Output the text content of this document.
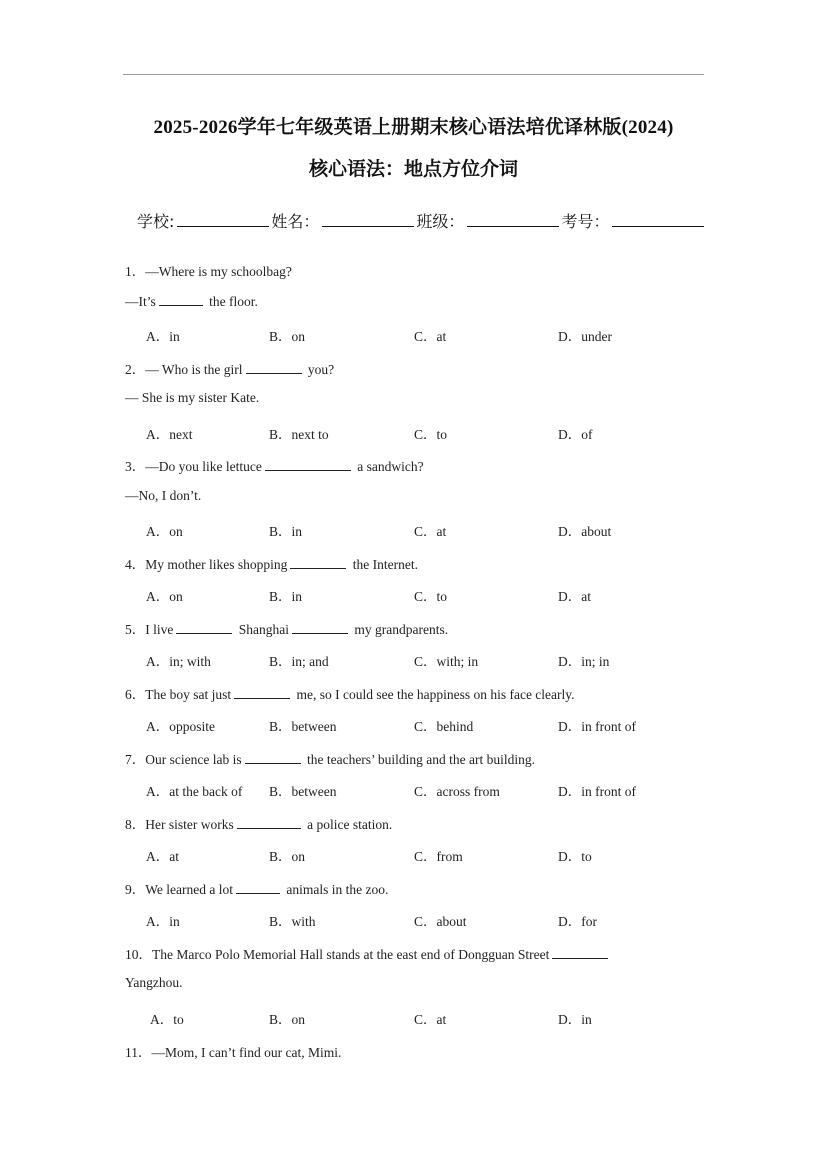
2025-2026学年七年级英语上册期末核心语法培优译林版(2024)
核心语法：地点方位介词
学校:	姓名：	班级：	考号：
1．—Where is my schoolbag?
—It’s	the floor.
A．in	B．on	C．at	D．under
2．— Who is the girl	you?
— She is my sister Kate.
A．next	B．next to	C．to	D．of
3．—Do you like lettuce	a sandwich?
—No, I don’t.
A．on	B．in	C．at	D．about
4．My mother likes shopping	the Internet.
A．on	B．in	C．to	D．at
5．I live	Shanghai	my grandparents.
A．in; with	B．in; and	C．with; in	D．in; in
6．The boy sat just	me, so I could see the happiness on his face clearly.
A．opposite	B．between	C．behind	D．in front of
7．Our science lab is	the teachers’ building and the art building.
A．at the back of B．between	C．across from	D．in front of
8．Her sister works	a police station.
A．at	B．on	C．from	D．to
9．We learned a lot	animals in the zoo.
A．in	B．with	C．about	D．for
10．The Marco Polo Memorial Hall stands at the east end of Dongguan Street
Yangzhou.
A．to	B．on	C．at	D．in
11．—Mom, I can’t find our cat, Mimi.
